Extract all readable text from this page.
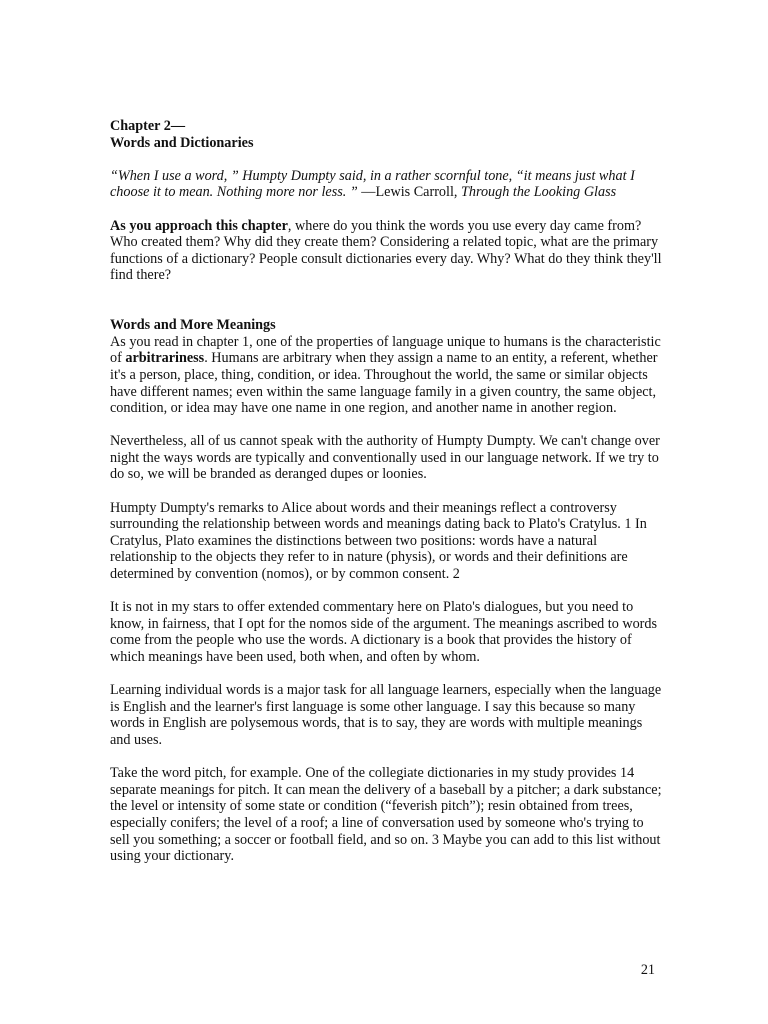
Chapter 2—
Words and Dictionaries

“When I use a word, ” Humpty Dumpty said, in a rather scornful tone, “it means just what I choose it to mean. Nothing more nor less. ” —Lewis Carroll, Through the Looking Glass

As you approach this chapter, where do you think the words you use every day came from? Who created them? Why did they create them? Considering a related topic, what are the primary functions of a dictionary? People consult dictionaries every day. Why? What do they think they'll find there?

Words and More Meanings

As you read in chapter 1, one of the properties of language unique to humans is the characteristic of arbitrariness. Humans are arbitrary when they assign a name to an entity, a referent, whether it's a person, place, thing, condition, or idea. Throughout the world, the same or similar objects have different names; even within the same language family in a given country, the same object, condition, or idea may have one name in one region, and another name in another region.

Nevertheless, all of us cannot speak with the authority of Humpty Dumpty. We can't change over night the ways words are typically and conventionally used in our language network. If we try to do so, we will be branded as deranged dupes or loonies.

Humpty Dumpty's remarks to Alice about words and their meanings reflect a controversy surrounding the relationship between words and meanings dating back to Plato's Cratylus. 1 In Cratylus, Plato examines the distinctions between two positions: words have a natural relationship to the objects they refer to in nature (physis), or words and their definitions are determined by convention (nomos), or by common consent. 2

It is not in my stars to offer extended commentary here on Plato's dialogues, but you need to know, in fairness, that I opt for the nomos side of the argument. The meanings ascribed to words come from the people who use the words. A dictionary is a book that provides the history of which meanings have been used, both when, and often by whom.

Learning individual words is a major task for all language learners, especially when the language is English and the learner's first language is some other language. I say this because so many words in English are polysemous words, that is to say, they are words with multiple meanings and uses.

Take the word pitch, for example. One of the collegiate dictionaries in my study provides 14 separate meanings for pitch. It can mean the delivery of a baseball by a pitcher; a dark substance; the level or intensity of some state or condition (“feverish pitch”); resin obtained from trees, especially conifers; the level of a roof; a line of conversation used by someone who's trying to sell you something; a soccer or football field, and so on. 3 Maybe you can add to this list without using your dictionary.

21
